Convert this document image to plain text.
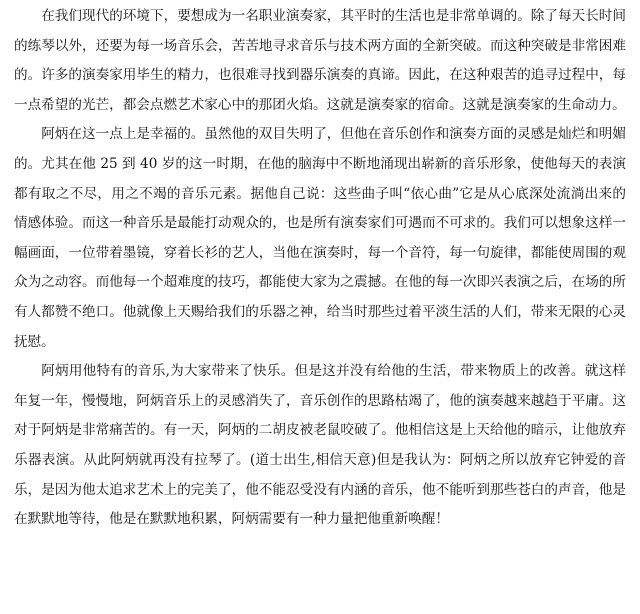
在我们现代的环境下，要想成为一名职业演奏家，其平时的生活也是非常单调的。除了每天长时间的练琴以外，还要为每一场音乐会，苦苦地寻求音乐与技术两方面的全新突破。而这种突破是非常困难的。许多的演奏家用毕生的精力，也很难寻找到器乐演奏的真谛。因此，在这种艰苦的追寻过程中，每一点希望的光芒，都会点燃艺术家心中的那团火焰。这就是演奏家的宿命。这就是演奏家的生命动力。

阿炳在这一点上是幸福的。虽然他的双目失明了，但他在音乐创作和演奏方面的灵感是灿烂和明媚的。尤其在他 25 到 40 岁的这一时期，在他的脑海中不断地涌现出崭新的音乐形象，使他每天的表演都有取之不尽，用之不竭的音乐元素。据他自己说：这些曲子叫“依心曲”它是从心底深处流淌出来的情感体验。而这一种音乐是最能打动观众的，也是所有演奏家们可遇而不可求的。我们可以想象这样一幅画面，一位带着墨镜，穿着长衫的艺人，当他在演奏时，每一个音符，每一句旋律，都能使周围的观众为之动容。而他每一个超难度的技巧，都能使大家为之震撼。在他的每一次即兴表演之后，在场的所有人都赞不绝口。他就像上天赐给我们的乐器之神，给当时那些过着平淡生活的人们，带来无限的心灵抚慰。

阿炳用他特有的音乐,为大家带来了快乐。但是这并没有给他的生活，带来物质上的改善。就这样年复一年，慢慢地，阿炳音乐上的灵感消失了，音乐创作的思路枯竭了，他的演奏越来越趋于平庸。这对于阿炳是非常痛苦的。有一天，阿炳的二胡皮被老鼠咬破了。他相信这是上天给他的暗示，让他放弃乐器表演。从此阿炳就再没有拉琴了。(道士出生,相信天意)但是我认为：阿炳之所以放弃它钟爱的音乐，是因为他太追求艺术上的完美了，他不能忍受没有内涵的音乐，他不能听到那些苍白的声音，他是在默默地等待，他是在默默地积累，阿炳需要有一种力量把他重新唤醒！
